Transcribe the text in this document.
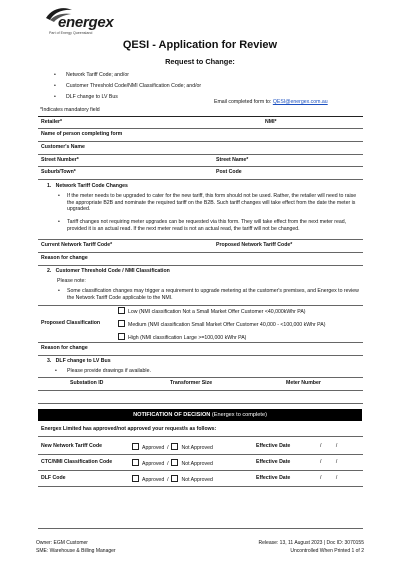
energex
Part of Energy Queensland
QESI - Application for Review
Request to Change:
• Network Tariff Code; and/or
• Customer Threshold Code/NMI Classification Code; and/or
• DLF change to LV Bus
Email completed form to: QESI@energex.com.au
*Indicates mandatory field
Retailer*	NMI*
Name of person completing form
Customer's Name
Street Number*	Street Name*
Suburb/Town*	Post Code
1.   Network Tariff Code Changes
• If the meter needs to be upgraded to cater for the new tariff, this form should not be used. Rather, the retailer will need to raise the appropriate B2B and nominate the required tariff on the B2B. Such tariff changes will take effect from the date the meter is upgraded.
• Tariff changes not requiring meter upgrades can be requested via this form. They will take effect from the next meter read, provided it is an actual read. If the next meter read is not an actual read, the tariff will not be changed.
Current Network Tariff Code*	Proposed Network Tariff Code*
Reason for change
2.   Customer Threshold Code / NMI Classification
Please note:
• Some classification changes may trigger a requirement to upgrade metering at the customer's premises, and Energex to review the Network Tariff Code applicable to the NMI.
Proposed Classification
Low (NMI classification Not a Small Market Offer Customer <40,000kWhr PA)
Medium (NMI classification Small Market Offer Customer 40,000 - <100,000 kWhr PA)
High (NMI classification Large >=100,000 kWhr PA)
Reason for change
3.   DLF change to LV Bus
• Please provide drawings if available.
Substation ID	Transformer Size	Meter Number
NOTIFICATION OF DECISION (Energex to complete)
Energex Limited has approved/not approved your request/s as follows:
New Network Tariff Code	Approved / Not Approved	Effective Date	/          /
CTC/NMI Classification Code	Approved / Not Approved	Effective Date	/          /
DLF Code	Approved / Not Approved	Effective Date	/          /
Owner: EGM Customer
SME: Warehouse & Billing Manager
Release: 13, 11 August 2023 | Doc ID: 3070155
Uncontrolled When Printed 1 of 2
